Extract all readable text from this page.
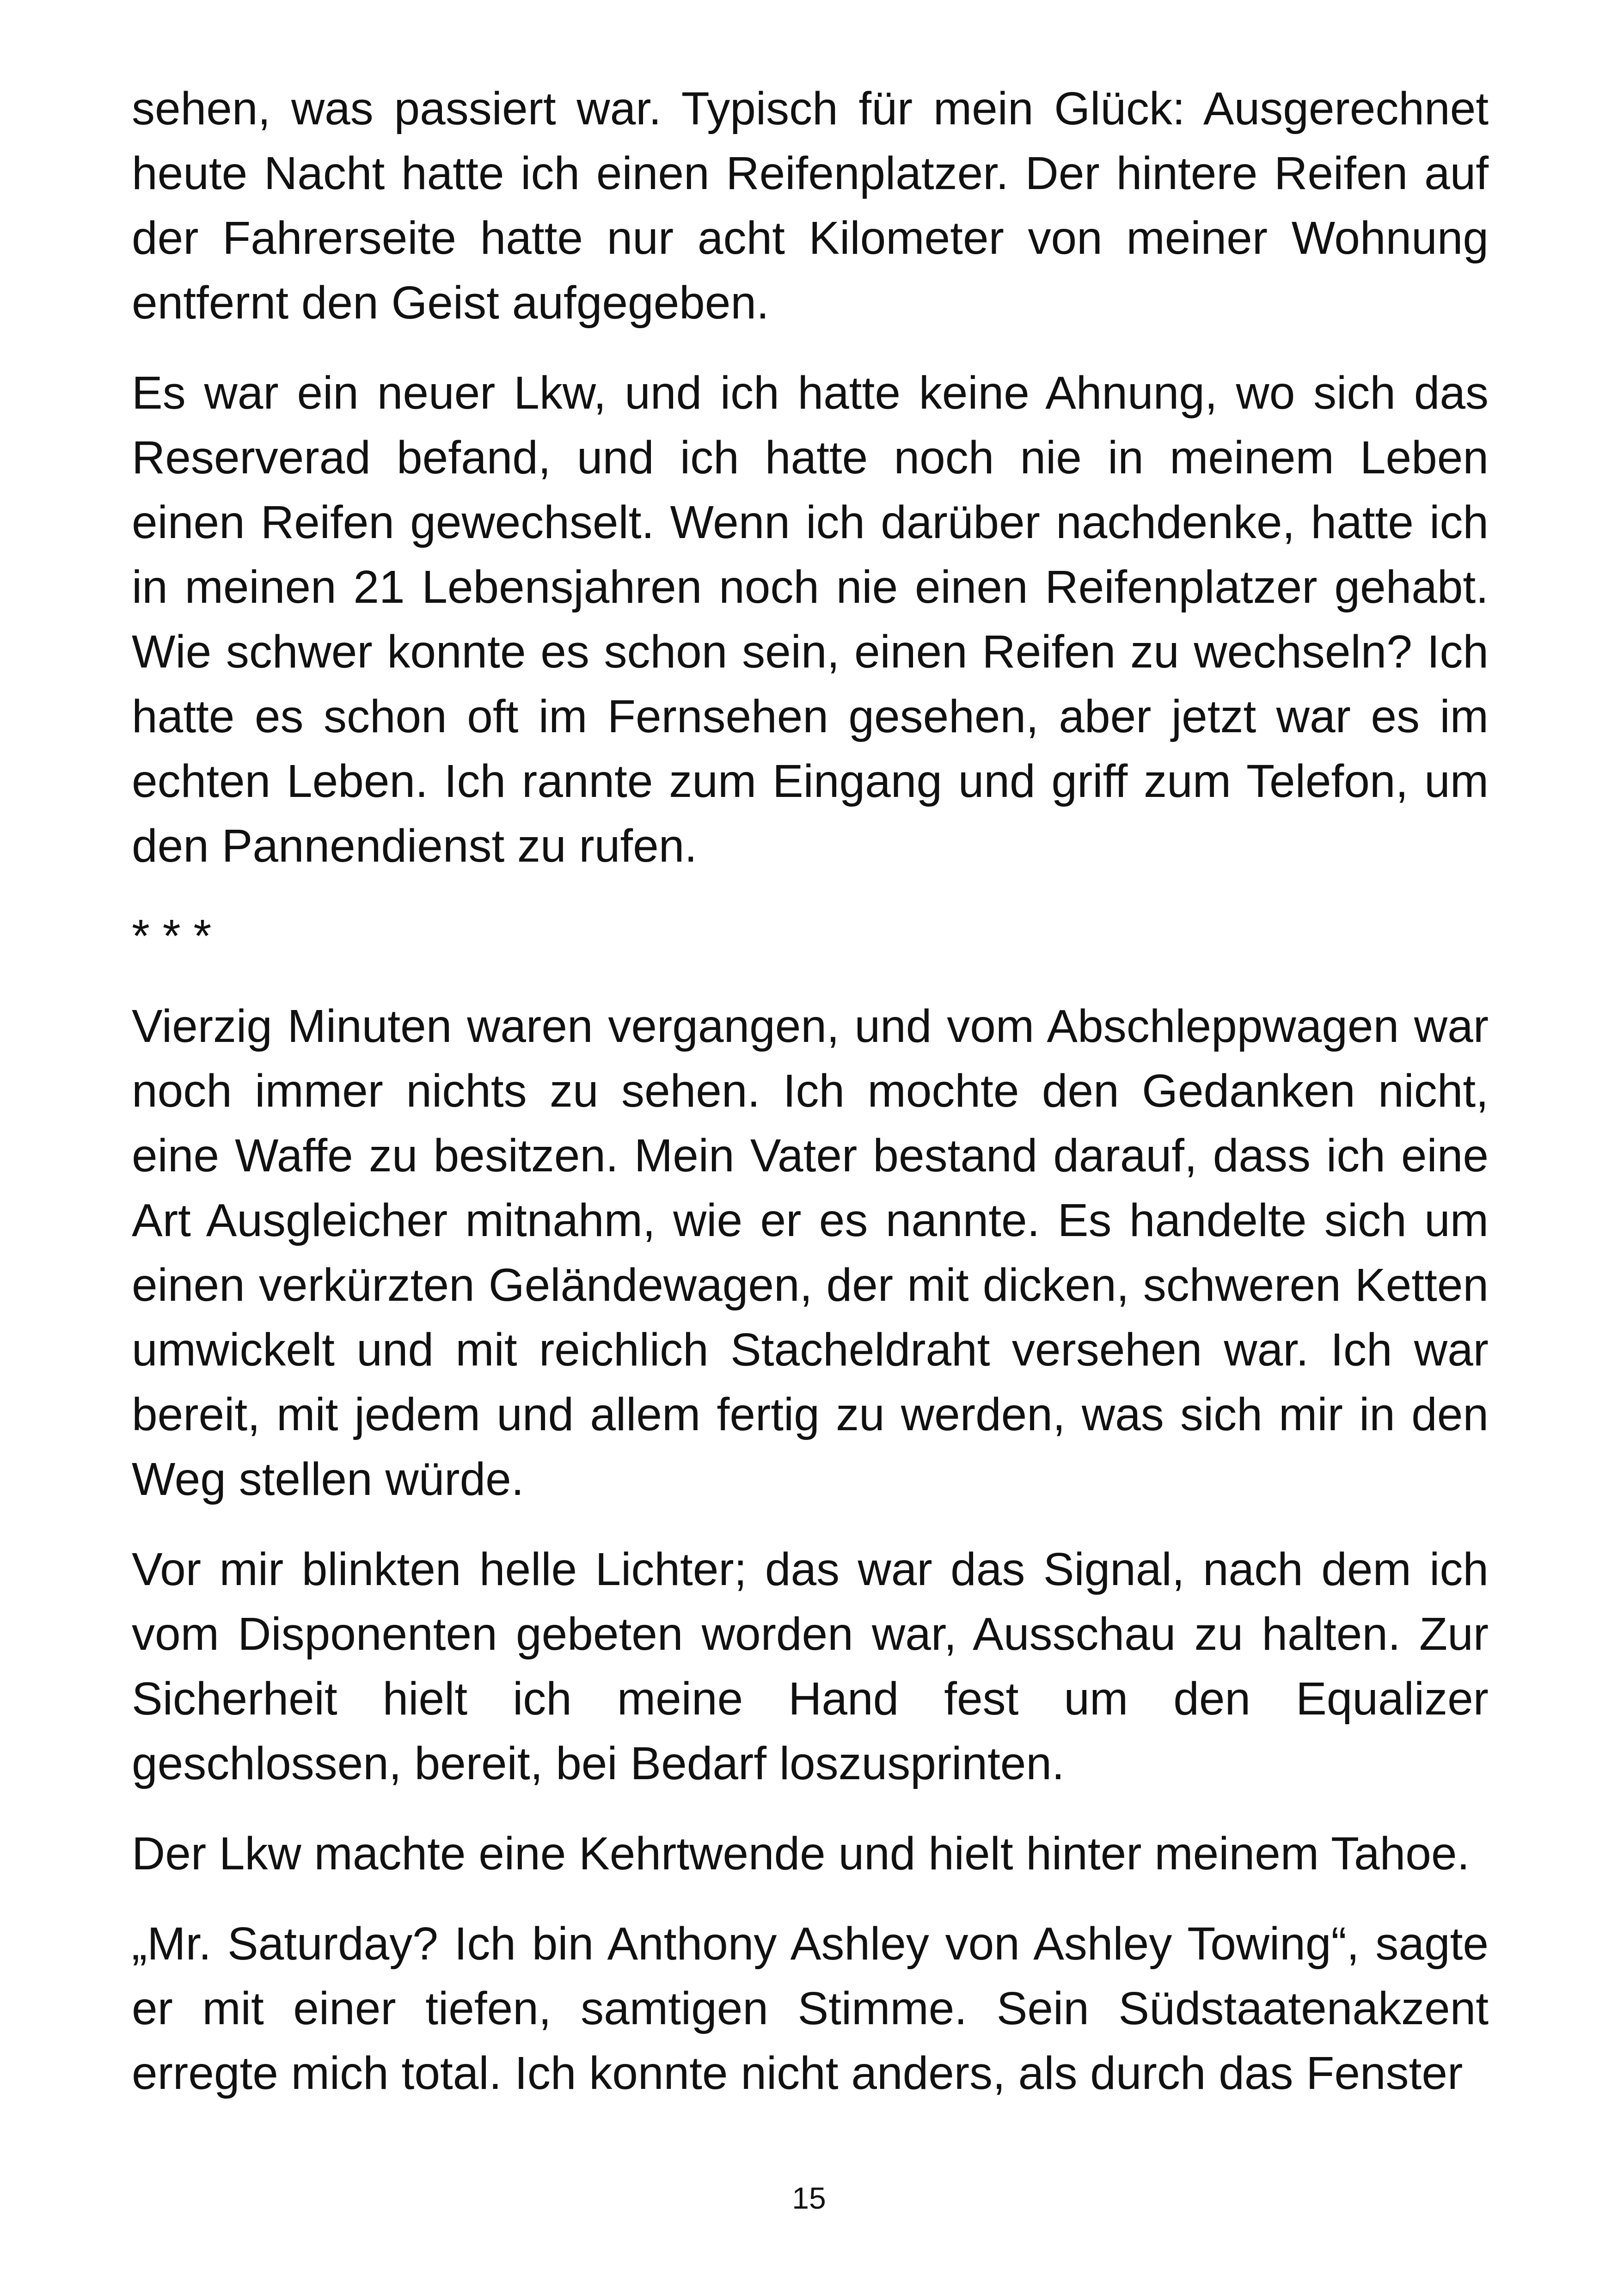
sehen, was passiert war. Typisch für mein Glück: Ausgerechnet heute Nacht hatte ich einen Reifenplatzer. Der hintere Reifen auf der Fahrerseite hatte nur acht Kilometer von meiner Wohnung entfernt den Geist aufgegeben.

Es war ein neuer Lkw, und ich hatte keine Ahnung, wo sich das Reserverad befand, und ich hatte noch nie in meinem Leben einen Reifen gewechselt. Wenn ich darüber nachdenke, hatte ich in meinen 21 Lebensjahren noch nie einen Reifenplatzer gehabt. Wie schwer konnte es schon sein, einen Reifen zu wechseln? Ich hatte es schon oft im Fernsehen gesehen, aber jetzt war es im echten Leben. Ich rannte zum Eingang und griff zum Telefon, um den Pannendienst zu rufen.

* * *

Vierzig Minuten waren vergangen, und vom Abschleppwagen war noch immer nichts zu sehen. Ich mochte den Gedanken nicht, eine Waffe zu besitzen. Mein Vater bestand darauf, dass ich eine Art Ausgleicher mitnahm, wie er es nannte. Es handelte sich um einen verkürzten Geländewagen, der mit dicken, schweren Ketten umwickelt und mit reichlich Stacheldraht versehen war. Ich war bereit, mit jedem und allem fertig zu werden, was sich mir in den Weg stellen würde.

Vor mir blinkten helle Lichter; das war das Signal, nach dem ich vom Disponenten gebeten worden war, Ausschau zu halten. Zur Sicherheit hielt ich meine Hand fest um den Equalizer geschlossen, bereit, bei Bedarf loszusprinten.

Der Lkw machte eine Kehrtwende und hielt hinter meinem Tahoe.

„Mr. Saturday? Ich bin Anthony Ashley von Ashley Towing“, sagte er mit einer tiefen, samtigen Stimme. Sein Südstaatenakzent erregte mich total. Ich konnte nicht anders, als durch das Fenster

15
